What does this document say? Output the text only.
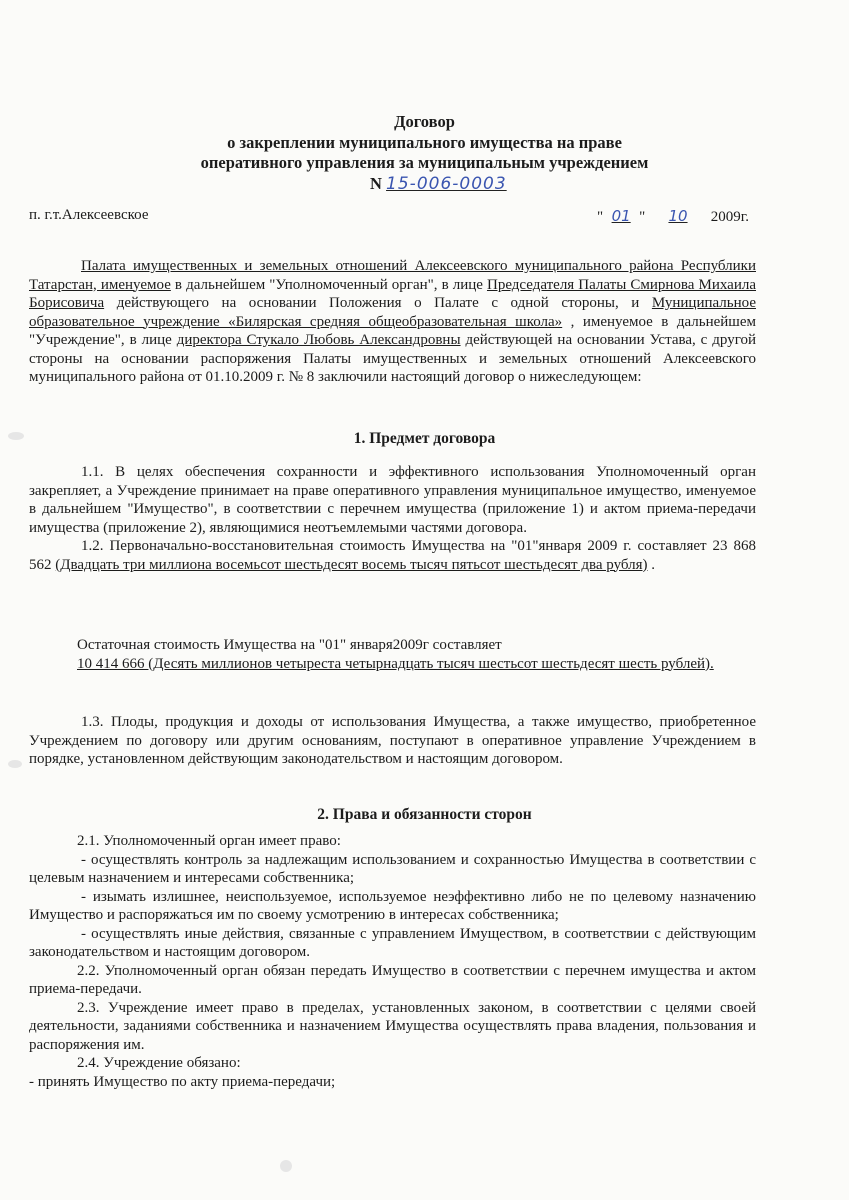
Договор
о закреплении муниципального имущества на праве
оперативного управления за муниципальным учреждением
N 15-006-0003
п. г.т.Алексеевское	" 01 " 10 2009г.

Палата имущественных и земельных отношений Алексеевского муниципального района Республики Татарстан, именуемое в дальнейшем "Уполномоченный орган", в лице Председателя Палаты Смирнова Михаила Борисовича действующего на основании Положения о Палате с одной стороны, и Муниципальное образовательное учреждение «Билярская средняя общеобразовательная школа» , именуемое в дальнейшем "Учреждение", в лице директора Стукало Любовь Александровны действующей на основании Устава, с другой стороны на основании распоряжения Палаты имущественных и земельных отношений Алексеевского муниципального района от 01.10.2009 г. № 8 заключили настоящий договор о нижеследующем:

1. Предмет договора

1.1. В целях обеспечения сохранности и эффективного использования Уполномоченный орган закрепляет, а Учреждение принимает на праве оперативного управления муниципальное имущество, именуемое в дальнейшем "Имущество", в соответствии с перечнем имущества (приложение 1) и актом приема-передачи имущества (приложение 2), являющимися неотъемлемыми частями договора.

1.2. Первоначально-восстановительная стоимость Имущества на "01"января 2009 г. составляет 23 868 562 (Двадцать три миллиона восемьсот шестьдесят восемь тысяч пятьсот шестьдесят два рубля) .

Остаточная стоимость Имущества на "01" января2009г составляет

10 414 666 (Десять миллионов четыреста четырнадцать тысяч шестьсот шестьдесят шесть рублей).

1.3. Плоды, продукция и доходы от использования Имущества, а также имущество, приобретенное Учреждением по договору или другим основаниям, поступают в оперативное управление Учреждением в порядке, установленном действующим законодательством и настоящим договором.

2. Права и обязанности сторон

2.1. Уполномоченный орган имеет право:

- осуществлять контроль за надлежащим использованием и сохранностью Имущества в соответствии с целевым назначением и интересами собственника;

- изымать излишнее, неиспользуемое, используемое неэффективно либо не по целевому назначению Имущество и распоряжаться им по своему усмотрению в интересах собственника;

- осуществлять иные действия, связанные с управлением Имуществом, в соответствии с действующим законодательством и настоящим договором.

2.2. Уполномоченный орган обязан передать Имущество в соответствии с перечнем имущества и актом приема-передачи.

2.3. Учреждение имеет право в пределах, установленных законом, в соответствии с целями своей деятельности, заданиями собственника и назначением Имущества осуществлять права владения, пользования и распоряжения им.

2.4. Учреждение обязано:

- принять Имущество по акту приема-передачи;
